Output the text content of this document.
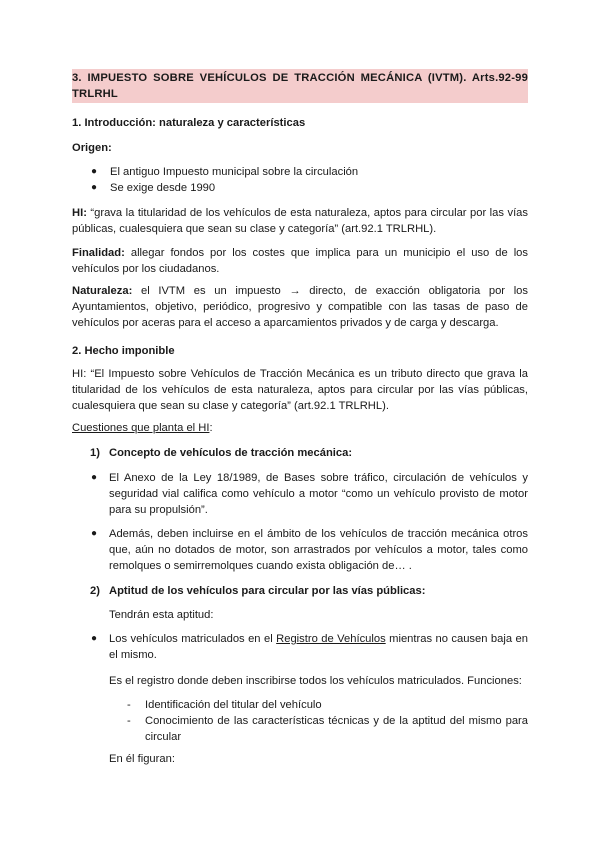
3. IMPUESTO SOBRE VEHÍCULOS DE TRACCIÓN MECÁNICA (IVTM). Arts.92-99 TRLRHL
1. Introducción: naturaleza y características
Origen:
● El antiguo Impuesto municipal sobre la circulación
● Se exige desde 1990
HI: “grava la titularidad de los vehículos de esta naturaleza, aptos para circular por las vías públicas, cualesquiera que sean su clase y categoría” (art.92.1 TRLRHL).
Finalidad: allegar fondos por los costes que implica para un municipio el uso de los vehículos por los ciudadanos.
Naturaleza: el IVTM es un impuesto → directo, de exacción obligatoria por los Ayuntamientos, objetivo, periódico, progresivo y compatible con las tasas de paso de vehículos por aceras para el acceso a aparcamientos privados y de carga y descarga.
2. Hecho imponible
HI: “El Impuesto sobre Vehículos de Tracción Mecánica es un tributo directo que grava la titularidad de los vehículos de esta naturaleza, aptos para circular por las vías públicas, cualesquiera que sean su clase y categoría” (art.92.1 TRLRHL).
Cuestiones que planta el HI:
1) Concepto de vehículos de tracción mecánica:
● El Anexo de la Ley 18/1989, de Bases sobre tráfico, circulación de vehículos y seguridad vial califica como vehículo a motor “como un vehículo provisto de motor para su propulsión”.
● Además, deben incluirse en el ámbito de los vehículos de tracción mecánica otros que, aún no dotados de motor, son arrastrados por vehículos a motor, tales como remolques o semirremolques cuando exista obligación de… .
2) Aptitud de los vehículos para circular por las vías públicas:
Tendrán esta aptitud:
● Los vehículos matriculados en el Registro de Vehículos mientras no causen baja en el mismo.
Es el registro donde deben inscribirse todos los vehículos matriculados. Funciones:
- Identificación del titular del vehículo
- Conocimiento de las características técnicas y de la aptitud del mismo para circular
En él figuran:
